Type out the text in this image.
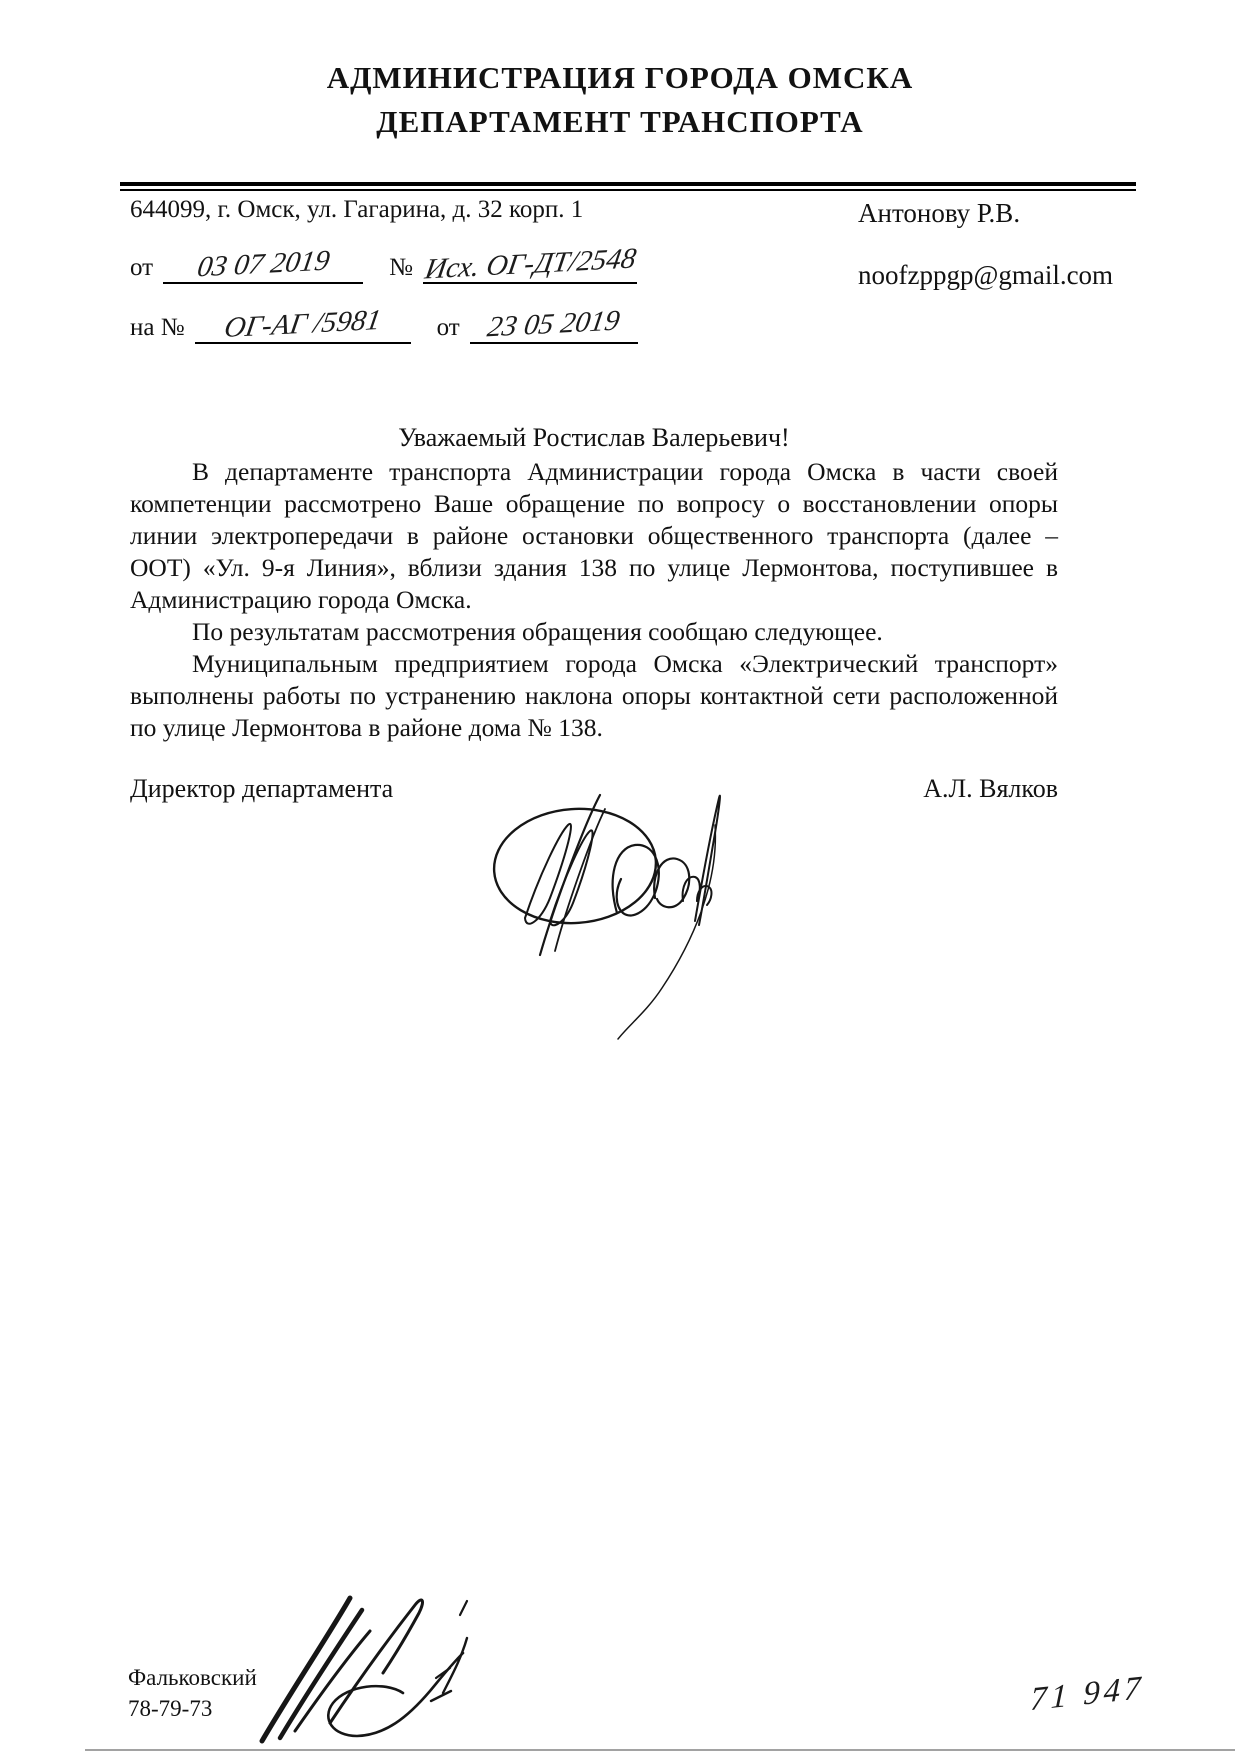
АДМИНИСТРАЦИЯ ГОРОДА ОМСКА
ДЕПАРТАМЕНТ ТРАНСПОРТА
644099, г. Омск, ул. Гагарина, д. 32 корп. 1
от 03 07 2019 № Исх. ОГ-ДТ/2548
на № ОГ-АГ /5981 от 23 05 2019
Антонову Р.В.
noofzppgp@gmail.com
Уважаемый Ростислав Валерьевич!

В департаменте транспорта Администрации города Омска в части своей компетенции рассмотрено Ваше обращение по вопросу о восстановлении опоры линии электропередачи в районе остановки общественного транспорта (далее – ООТ) «Ул. 9-я Линия», вблизи здания 138 по улице Лермонтова, поступившее в Администрацию города Омска.

По результатам рассмотрения обращения сообщаю следующее.

Муниципальным предприятием города Омска «Электрический транспорт» выполнены работы по устранению наклона опоры контактной сети расположенной по улице Лермонтова в районе дома № 138.

Директор департамента	А.Л. Вялков
Фальковский
78-79-73	71 947
